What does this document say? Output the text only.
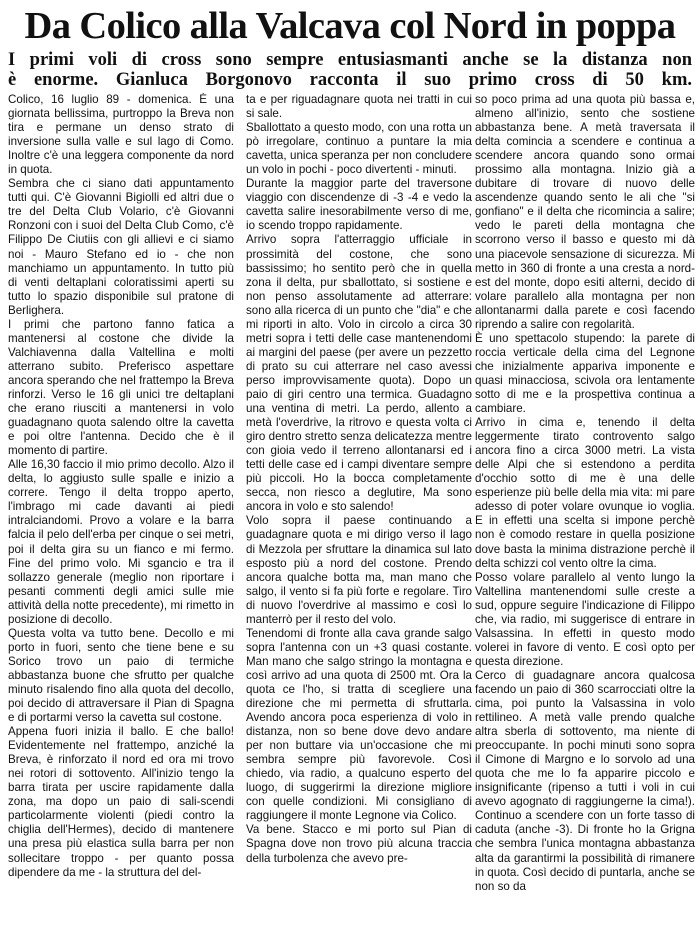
Da Colico alla Valcava col Nord in poppa
I primi voli di cross sono sempre entusiasmanti anche se la distanza non
è enorme. Gianluca Borgonovo racconta il suo primo cross di 50 km.

Colico, 16 luglio 89 - domenica. È una giornata bellissima, purtroppo la Breva non tira e permane un denso strato di inversione sulla valle e sul lago di Como. Inoltre c'è una leggera componente da nord in quota.

Sembra che ci siano dati appuntamento tutti qui. C'è Giovanni Bigiolli ed altri due o tre del Delta Club Volario, c'è Giovanni Ronzoni con i suoi del Delta Club Como, c'è Filippo De Ciutiis con gli allievi e ci siamo noi - Mauro Stefano ed io - che non manchiamo un appuntamento. In tutto più di venti deltaplani coloratissimi aperti su tutto lo spazio disponibile sul pratone di Berlighera.

I primi che partono fanno fatica a mantenersi al costone che divide la Valchiavenna dalla Valtellina e molti atterrano subito. Preferisco aspettare ancora sperando che nel frattempo la Breva rinforzi. Verso le 16 gli unici tre deltaplani che erano riusciti a mantenersi in volo guadagnano quota salendo oltre la cavetta e poi oltre l'antenna. Decido che è il momento di partire.

Alle 16,30 faccio il mio primo decollo. Alzo il delta, lo aggiusto sulle spalle e inizio a correre. Tengo il delta troppo aperto, l'imbrago mi cade davanti ai piedi intralciandomi. Provo a volare e la barra falcia il pelo dell'erba per cinque o sei metri, poi il delta gira su un fianco e mi fermo. Fine del primo volo. Mi sgancio e tra il sollazzo generale (meglio non riportare i pesanti commenti degli amici sulle mie attività della notte precedente), mi rimetto in posizione di decollo.

Questa volta va tutto bene. Decollo e mi porto in fuori, sento che tiene bene e su Sorico trovo un paio di termiche abbastanza buone che sfrutto per qualche minuto risalendo fino alla quota del decollo, poi decido di attraversare il Pian di Spagna e di portarmi verso la cavetta sul costone.

Appena fuori inizia il ballo. E che ballo! Evidentemente nel frattempo, anziché la Breva, è rinforzato il nord ed ora mi trovo nei rotori di sottovento. All'inizio tengo la barra tirata per uscire rapidamente dalla zona, ma dopo un paio di sali-scendi particolarmente violenti (piedi contro la chiglia dell'Hermes), decido di mantenere una presa più elastica sulla barra per non sollecitare troppo - per quanto possa dipendere da me - la struttura del del-

ta e per riguadagnare quota nei tratti in cui si sale.

Sballottato a questo modo, con una rotta un pò irregolare, continuo a puntare la mia cavetta, unica speranza per non concludere un volo in pochi - poco divertenti - minuti.

Durante la maggior parte del traversone viaggio con discendenze di -3 -4 e vedo la cavetta salire inesorabilmente verso di me, io scendo troppo rapidamente.

Arrivo sopra l'atterraggio ufficiale in prossimità del costone, che sono bassissimo; ho sentito però che in quella zona il delta, pur sballottato, si sostiene e non penso assolutamente ad atterrare: sono alla ricerca di un punto che "dia" e che mi riporti in alto. Volo in circolo a circa 30 metri sopra i tetti delle case mantenendomi ai margini del paese (per avere un pezzetto di prato su cui atterrare nel caso avessi perso improvvisamente quota). Dopo un paio di giri centro una termica. Guadagno una ventina di metri. La perdo, allento a metà l'overdrive, la ritrovo e questa volta ci giro dentro stretto senza delicatezza mentre con gioia vedo il terreno allontanarsi ed i tetti delle case ed i campi diventare sempre più piccoli. Ho la bocca completamente secca, non riesco a deglutire, Ma sono ancora in volo e sto salendo!

Volo sopra il paese continuando a guadagnare quota e mi dirigo verso il lago di Mezzola per sfruttare la dinamica sul lato esposto più a nord del costone. Prendo ancora qualche botta ma, man mano che salgo, il vento si fa più forte e regolare. Tiro di nuovo l'overdrive al massimo e così lo manterrò per il resto del volo.

Tenendomi di fronte alla cava grande salgo sopra l'antenna con un +3 quasi costante. Man mano che salgo stringo la montagna e così arrivo ad una quota di 2500 mt. Ora la quota ce l'ho, si tratta di scegliere una direzione che mi permetta di sfruttarla. Avendo ancora poca esperienza di volo in distanza, non so bene dove devo andare per non buttare via un'occasione che mi sembra sempre più favorevole. Così chiedo, via radio, a qualcuno esperto del luogo, di suggerirmi la direzione migliore con quelle condizioni. Mi consigliano di raggiungere il monte Legnone via Colico.

Va bene. Stacco e mi porto sul Pian di Spagna dove non trovo più alcuna traccia della turbolenza che avevo pre-

so poco prima ad una quota più bassa e, almeno all'inizio, sento che sostiene abbastanza bene. A metà traversata il delta comincia a scendere e continua a scendere ancora quando sono ormai prossimo alla montagna. Inizio già a dubitare di trovare di nuovo delle ascendenze quando sento le ali che "si gonfiano" e il delta che ricomincia a salire; vedo le pareti della montagna che scorrono verso il basso e questo mi dà una piacevole sensazione di sicurezza. Mi metto in 360 di fronte a una cresta a nord-est del monte, dopo esiti alterni, decido di volare parallelo alla montagna per non allontanarmi dalla parete e così facendo riprendo a salire con regolarità.

È uno spettacolo stupendo: la parete di roccia verticale della cima del Legnone che inizialmente appariva imponente e quasi minacciosa, scivola ora lentamente sotto di me e la prospettiva continua a cambiare.

Arrivo in cima e, tenendo il delta leggermente tirato controvento salgo ancora fino a circa 3000 metri. La vista delle Alpi che si estendono a perdita d'occhio sotto di me è una delle esperienze più belle della mia vita: mi pare adesso di poter volare ovunque io voglia. E in effetti una scelta si impone perchè non è comodo restare in quella posizione dove basta la minima distrazione perchè il delta schizzi col vento oltre la cima.

Posso volare parallelo al vento lungo la Valtellina mantenendomi sulle creste a sud, oppure seguire l'indicazione di Filippo che, via radio, mi suggerisce di entrare in Valsassina. In effetti in questo modo volerei in favore di vento. E così opto per questa direzione.

Cerco di guadagnare ancora qualcosa facendo un paio di 360 scarrocciati oltre la cima, poi punto la Valsassina in volo rettilineo. A metà valle prendo qualche altra sberla di sottovento, ma niente di preoccupante. In pochi minuti sono sopra il Cimone di Margno e lo sorvolo ad una quota che me lo fa apparire piccolo e insignificante (ripenso a tutti i voli in cui avevo agognato di raggiungerne la cima!). Continuo a scendere con un forte tasso di caduta (anche -3). Di fronte ho la Grigna che sembra l'unica montagna abbastanza alta da garantirmi la possibilità di rimanere in quota. Così decido di puntarla, anche se non so da
